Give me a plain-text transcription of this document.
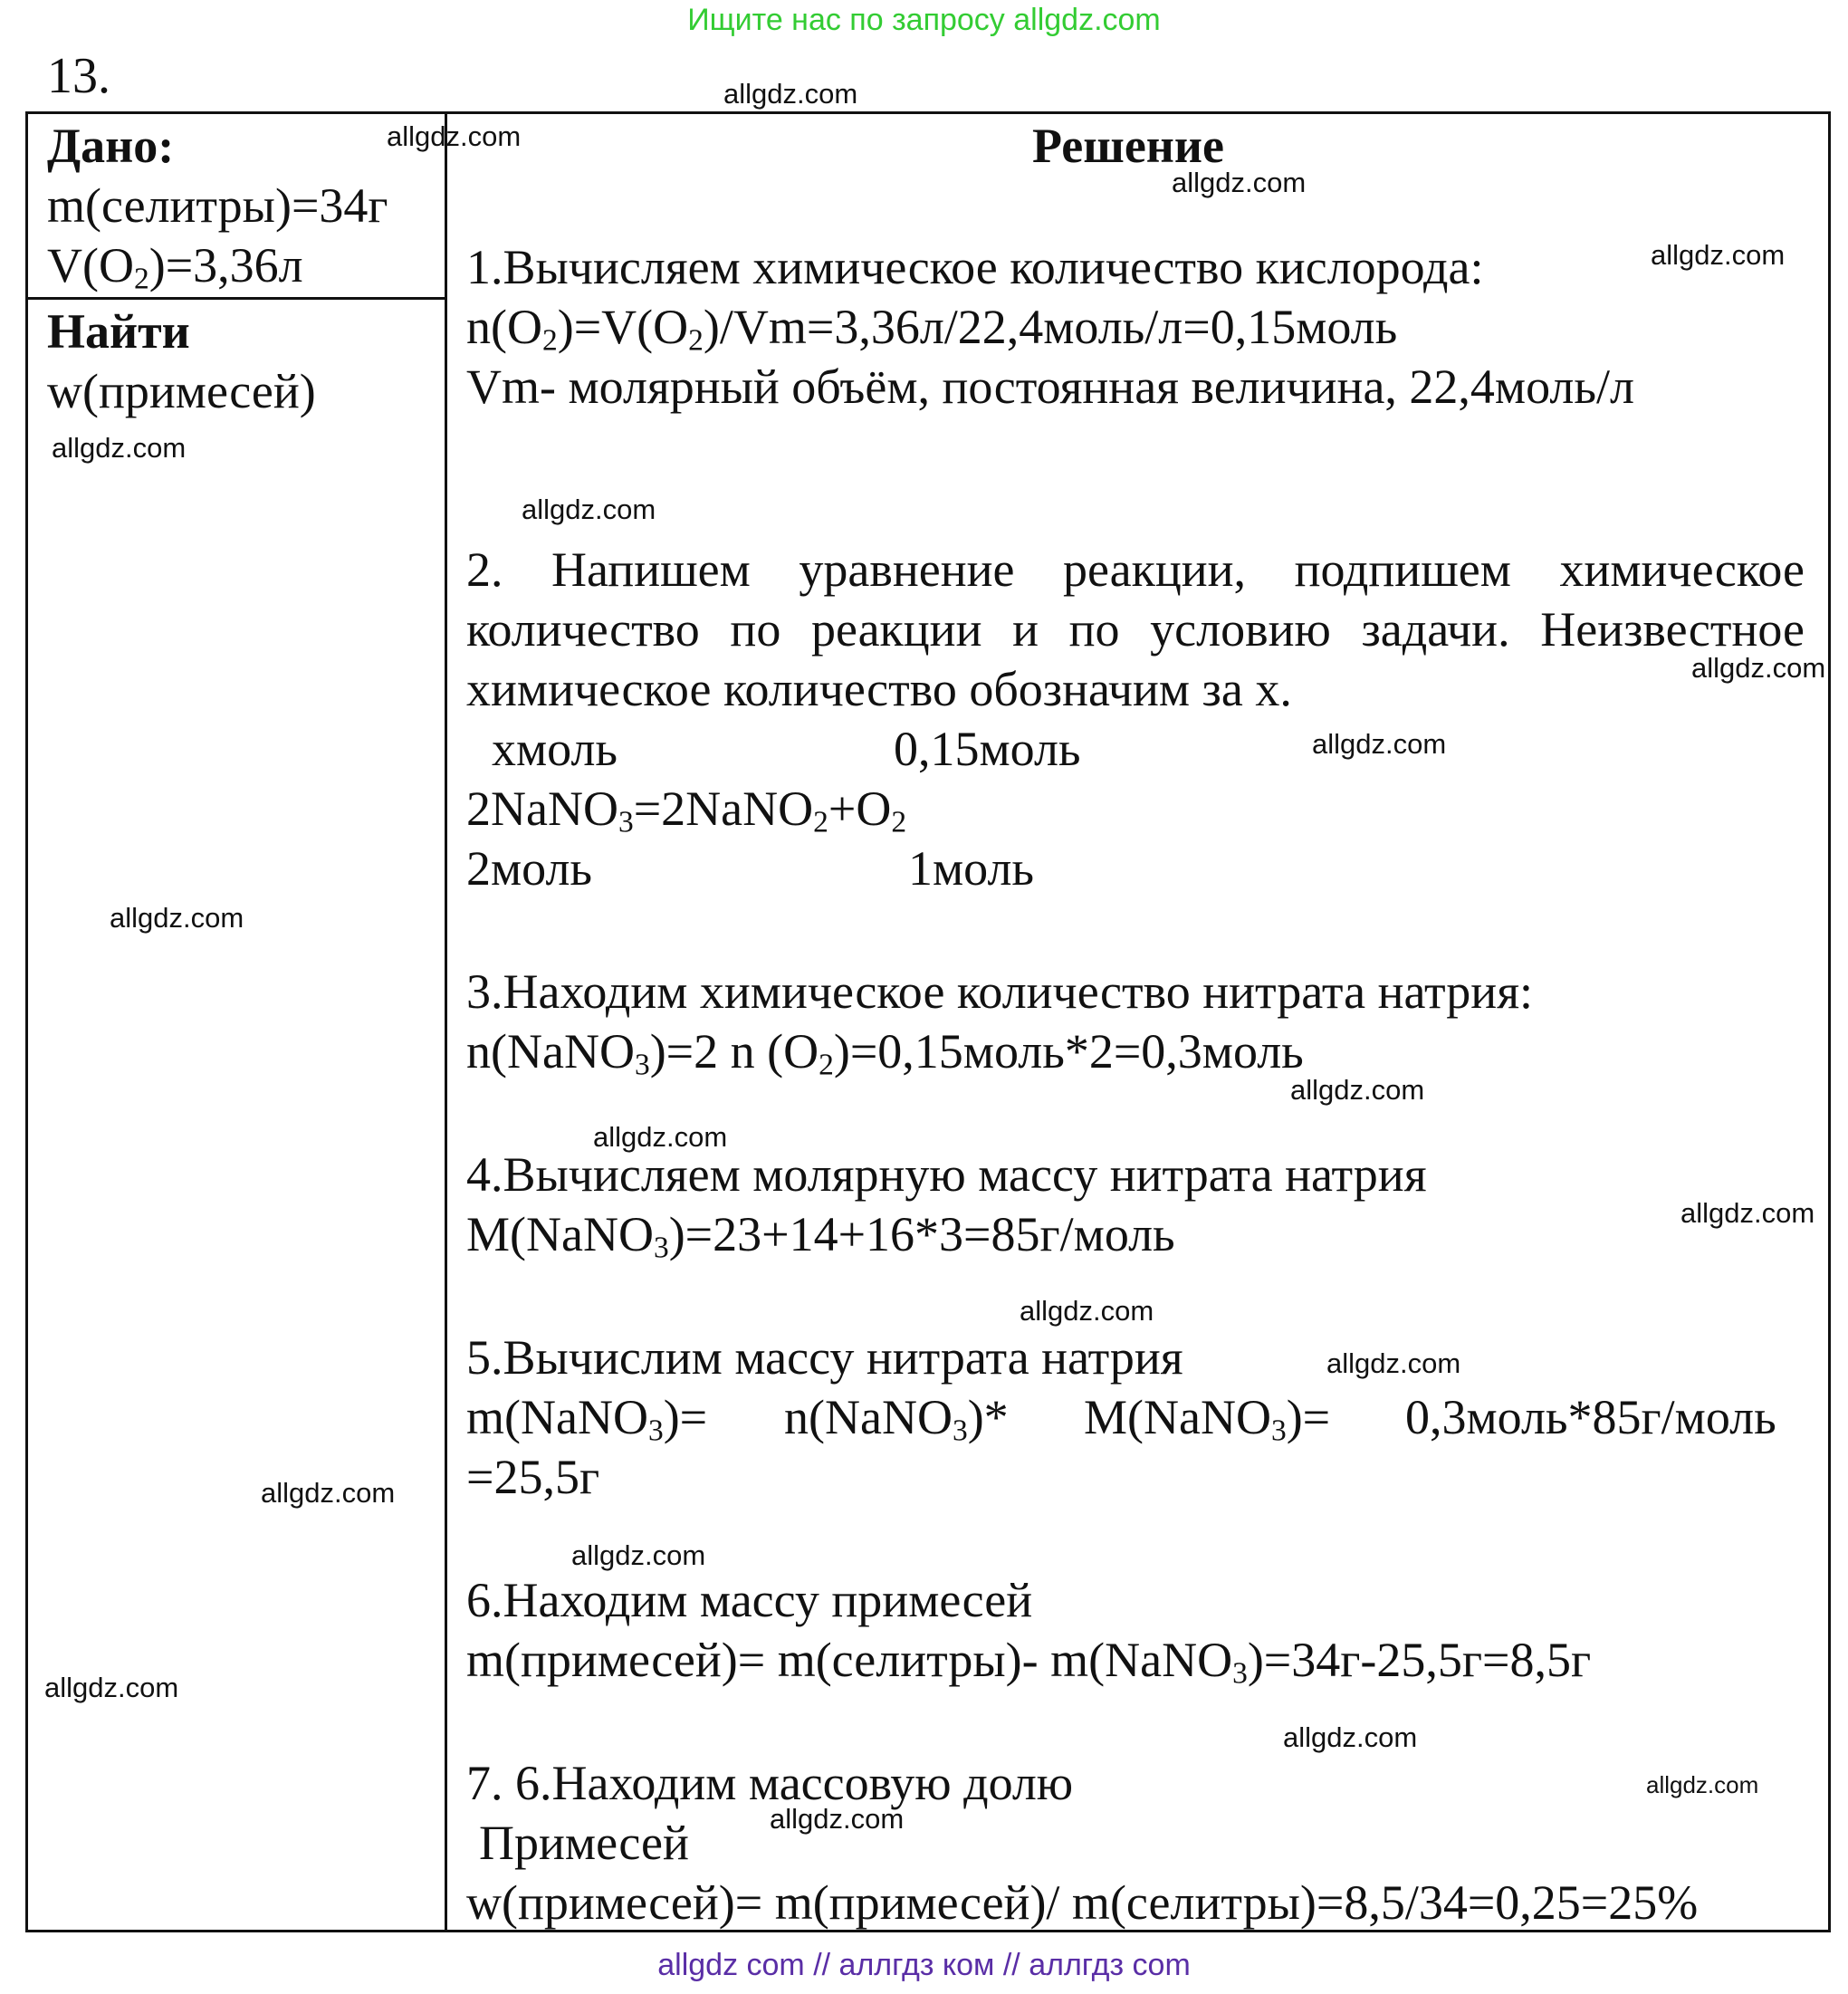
Ищите нас по запросу allgdz.com
13.
Дано:
m(селитры)=34г
$V(O_2)=3,36л$
Найти
w(примесей)
Решение
1.Вычисляем химическое количество кислорода:
$n(O_2)=V(O_2)/Vm=3,36л/22,4моль/л=0,15моль$
Vm- молярный объём, постоянная величина, 22,4моль/л
2. Напишем уравнение реакции, подпишем химическое
количество по реакции и по условию задачи. Неизвестное
химическое количество обозначим за х.
хмоль	0,15моль
$2NaNO_3=2NaNO_2+O_2$
2моль	1моль
3.Находим химическое количество нитрата натрия:
n(NaNO$_3$)=2 n $(O_2)=0,15моль*2=0,3моль$
4.Вычисляем молярную массу нитрата натрия
M(NaNO$_3$)=23+14+16*3=85г/моль
5.Вычислим массу нитрата натрия
m(NaNO$_3$)= n(NaNO$_3$)* M(NaNO$_3$)= 0,3моль*85г/моль
=25,5г
6.Находим массу примесей
m(примесей)= m(селитры)- m(NaNO$_3$)=34г-25,5г=8,5г
7. 6.Находим массовую долю
Примесей
w(примесей)= m(примесей)/ m(селитры)=8,5/34=0,25=25%
allgdz.com
allgdz.com
allgdz.com
allgdz.com
allgdz.com
allgdz.com
allgdz.com
allgdz.com
allgdz.com
allgdz.com
allgdz.com
allgdz.com
allgdz.com
allgdz.com
allgdz.com
allgdz.com
allgdz.com
allgdz.com
allgdz.com
allgdz.com
allgdz com // аллгдз ком // аллгдз com
